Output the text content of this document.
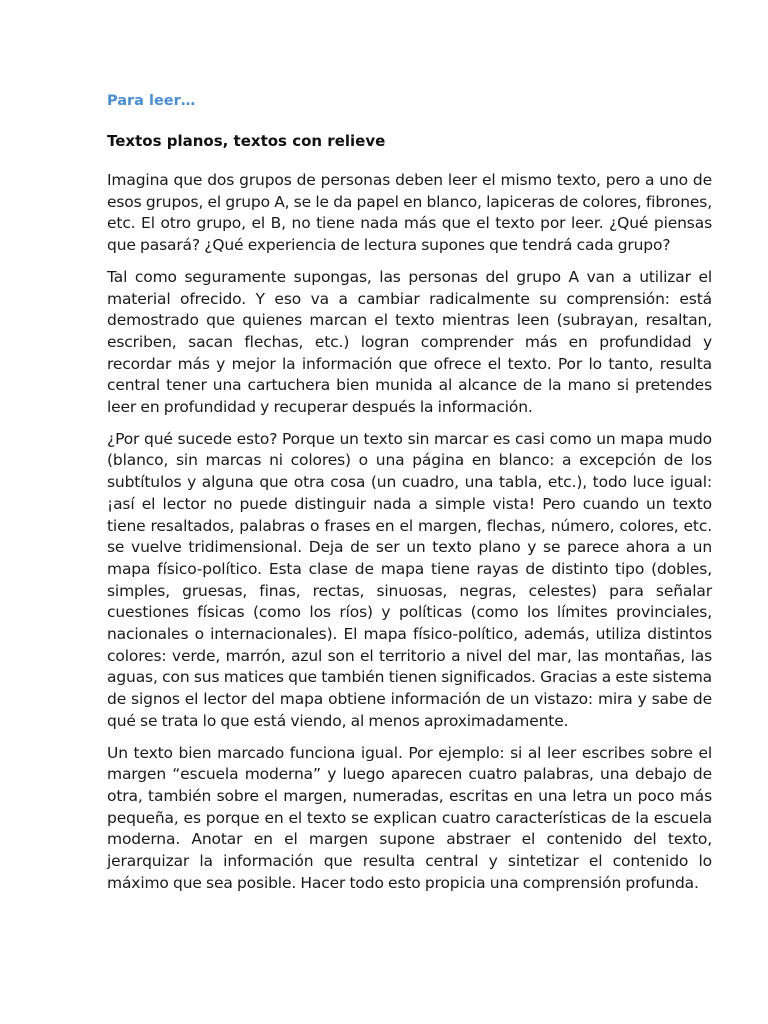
Para leer…
Textos planos, textos con relieve

Imagina que dos grupos de personas deben leer el mismo texto, pero a uno de esos grupos, el grupo A, se le da papel en blanco, lapiceras de colores, fibrones, etc. El otro grupo, el B, no tiene nada más que el texto por leer. ¿Qué piensas que pasará? ¿Qué experiencia de lectura supones que tendrá cada grupo?

Tal como seguramente supongas, las personas del grupo A van a utilizar el material ofrecido. Y eso va a cambiar radicalmente su comprensión: está demostrado que quienes marcan el texto mientras leen (subrayan, resaltan, escriben, sacan flechas, etc.) logran comprender más en profundidad y recordar más y mejor la información que ofrece el texto. Por lo tanto, resulta central tener una cartuchera bien munida al alcance de la mano si pretendes leer en profundidad y recuperar después la información.

¿Por qué sucede esto? Porque un texto sin marcar es casi como un mapa mudo (blanco, sin marcas ni colores) o una página en blanco: a excepción de los subtítulos y alguna que otra cosa (un cuadro, una tabla, etc.), todo luce igual: ¡así el lector no puede distinguir nada a simple vista! Pero cuando un texto tiene resaltados, palabras o frases en el margen, flechas, número, colores, etc. se vuelve tridimensional. Deja de ser un texto plano y se parece ahora a un mapa físico-político. Esta clase de mapa tiene rayas de distinto tipo (dobles, simples, gruesas, finas, rectas, sinuosas, negras, celestes) para señalar cuestiones físicas (como los ríos) y políticas (como los límites provinciales, nacionales o internacionales). El mapa físico-político, además, utiliza distintos colores: verde, marrón, azul son el territorio a nivel del mar, las montañas, las aguas, con sus matices que también tienen significados. Gracias a este sistema de signos el lector del mapa obtiene información de un vistazo: mira y sabe de qué se trata lo que está viendo, al menos aproximadamente.

Un texto bien marcado funciona igual. Por ejemplo: si al leer escribes sobre el margen “escuela moderna” y luego aparecen cuatro palabras, una debajo de otra, también sobre el margen, numeradas, escritas en una letra un poco más pequeña, es porque en el texto se explican cuatro características de la escuela moderna. Anotar en el margen supone abstraer el contenido del texto, jerarquizar la información que resulta central y sintetizar el contenido lo máximo que sea posible. Hacer todo esto propicia una comprensión profunda.
